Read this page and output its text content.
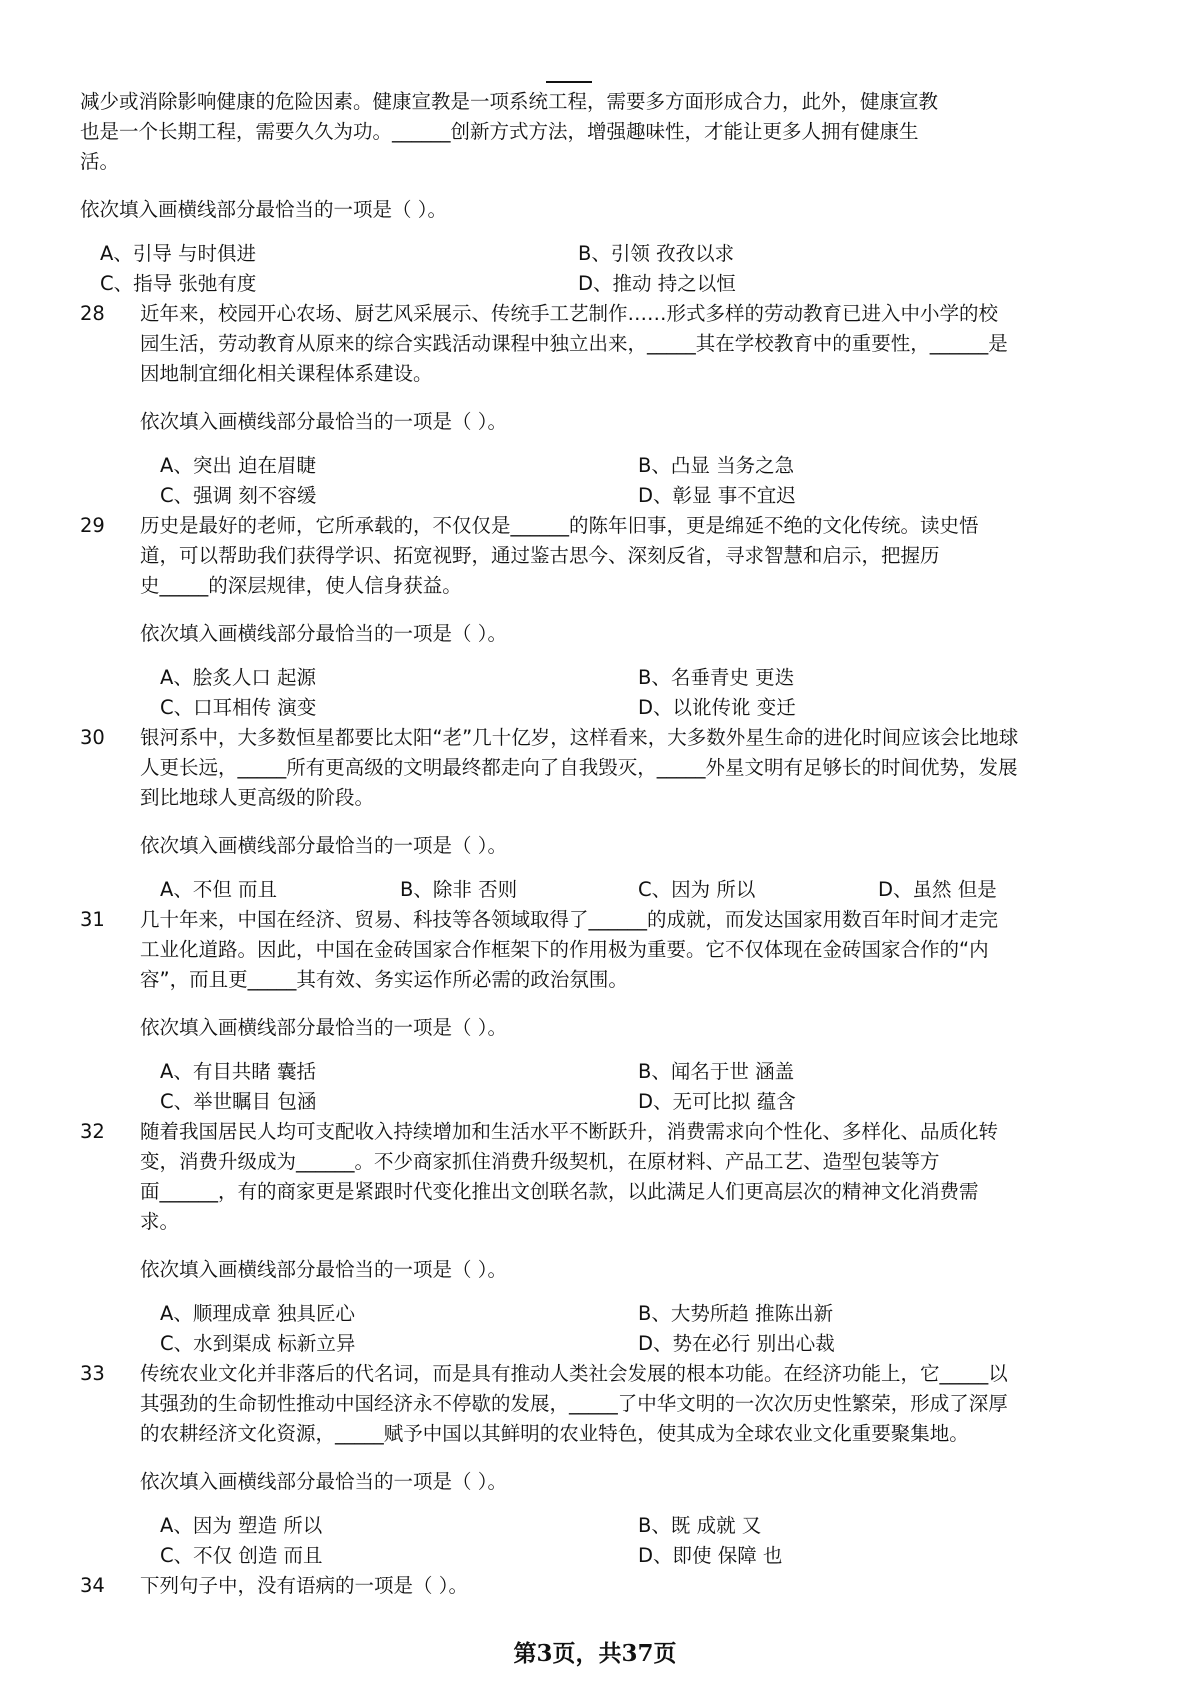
减少或消除影响健康的危险因素。健康宣教是一项系统工程，需要多方面形成合力，此外，健康宣教
也是一个长期工程，需要久久为功。______创新方式方法，增强趣味性，才能让更多人拥有健康生
活。
依次填入画横线部分最恰当的一项是（ ）。
A、引导 与时俱进	B、引领 孜孜以求
C、指导 张弛有度	D、推动 持之以恒
28 近年来，校园开心农场、厨艺风采展示、传统手工艺制作……形式多样的劳动教育已进入中小学的校
园生活，劳动教育从原来的综合实践活动课程中独立出来，_____其在学校教育中的重要性，______是
因地制宜细化相关课程体系建设。
依次填入画横线部分最恰当的一项是（ ）。
A、突出 迫在眉睫	B、凸显 当务之急
C、强调 刻不容缓	D、彰显 事不宜迟
29 历史是最好的老师，它所承载的，不仅仅是______的陈年旧事，更是绵延不绝的文化传统。读史悟
道，可以帮助我们获得学识、拓宽视野，通过鉴古思今、深刻反省，寻求智慧和启示，把握历
史_____的深层规律，使人信身获益。
依次填入画横线部分最恰当的一项是（ ）。
A、脍炙人口 起源	B、名垂青史 更迭
C、口耳相传 演变	D、以讹传讹 变迁
30 银河系中，大多数恒星都要比太阳“老”几十亿岁，这样看来，大多数外星生命的进化时间应该会比地球
人更长远，_____所有更高级的文明最终都走向了自我毁灭，_____外星文明有足够长的时间优势，发展
到比地球人更高级的阶段。
依次填入画横线部分最恰当的一项是（ ）。
A、不但 而且	B、除非 否则	C、因为 所以	D、虽然 但是
31 几十年来，中国在经济、贸易、科技等各领域取得了______的成就，而发达国家用数百年时间才走完
工业化道路。因此，中国在金砖国家合作框架下的作用极为重要。它不仅体现在金砖国家合作的“内
容”，而且更_____其有效、务实运作所必需的政治氛围。
依次填入画横线部分最恰当的一项是（ ）。
A、有目共睹 囊括	B、闻名于世 涵盖
C、举世瞩目 包涵	D、无可比拟 蕴含
32 随着我国居民人均可支配收入持续增加和生活水平不断跃升，消费需求向个性化、多样化、品质化转
变，消费升级成为______。不少商家抓住消费升级契机，在原材料、产品工艺、造型包装等方
面______，有的商家更是紧跟时代变化推出文创联名款，以此满足人们更高层次的精神文化消费需
求。
依次填入画横线部分最恰当的一项是（ ）。
A、顺理成章 独具匠心	B、大势所趋 推陈出新
C、水到渠成 标新立异	D、势在必行 别出心裁
33 传统农业文化并非落后的代名词，而是具有推动人类社会发展的根本功能。在经济功能上，它_____以
其强劲的生命韧性推动中国经济永不停歇的发展，_____了中华文明的一次次历史性繁荣，形成了深厚
的农耕经济文化资源，_____赋予中国以其鲜明的农业特色，使其成为全球农业文化重要聚集地。
依次填入画横线部分最恰当的一项是（ ）。
A、因为 塑造 所以	B、既 成就 又
C、不仅 创造 而且	D、即使 保障 也
34 下列句子中，没有语病的一项是（ ）。
第3页，共37页
